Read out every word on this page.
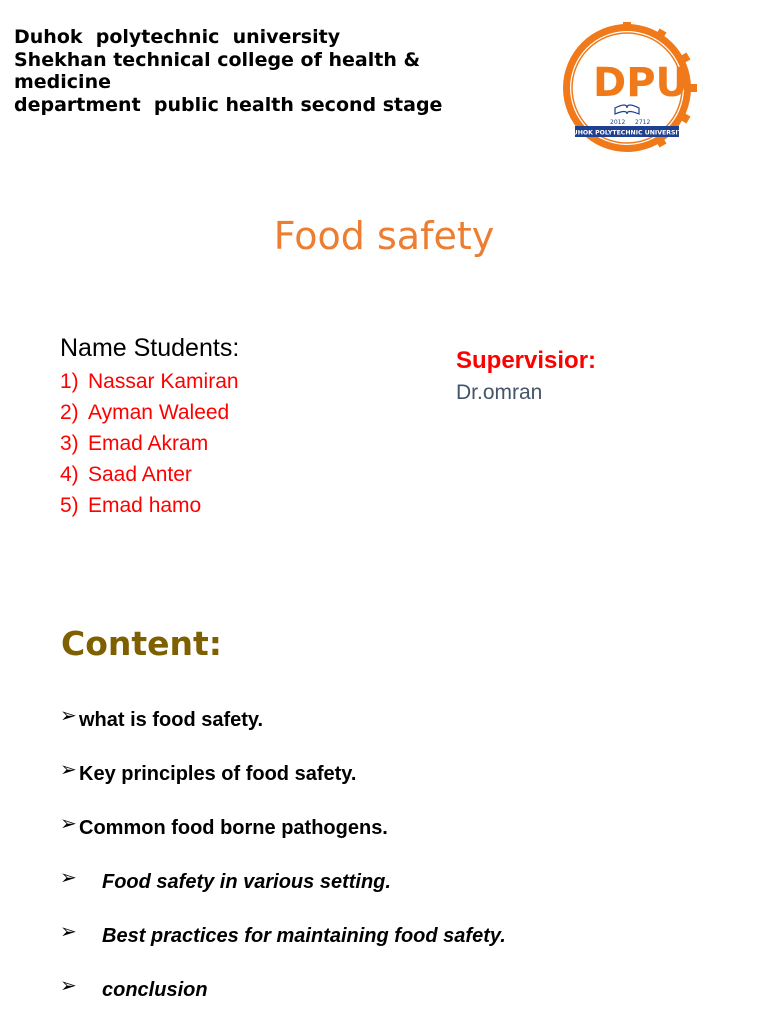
Duhok  polytechnic  university
Shekhan technical college of health &
medicine
department  public health second stage	DPU
2012 2712
DUHOK POLYTECHNIC UNIVERSITY
Food safety
Name Students:
1) Nassar Kamiran
2) Ayman Waleed
3) Emad Akram
4) Saad Anter
5) Emad hamo
Supervisior:
Dr.omran
Content:
➢ what is food safety.
➢ Key principles of food safety.
➢ Common food borne pathogens.
➢ Food safety in various setting.
➢ Best practices for maintaining food safety.
➢ conclusion
